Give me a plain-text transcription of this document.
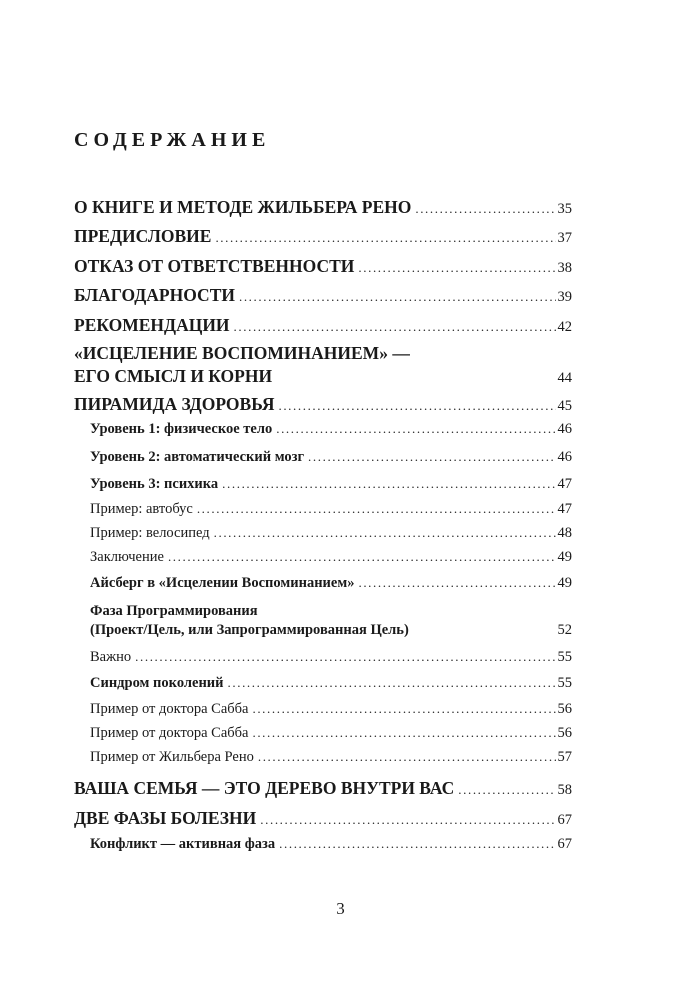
СОДЕРЖАНИЕ
О КНИГЕ И МЕТОДЕ ЖИЛЬБЕРА РЕНО .....	35
ПРЕДИСЛОВИЕ .....	37
ОТКАЗ ОТ ОТВЕТСТВЕННОСТИ .....	38
БЛАГОДАРНОСТИ .....	39
РЕКОМЕНДАЦИИ .....	42
«ИСЦЕЛЕНИЕ ВОСПОМИНАНИЕМ» —
ЕГО СМЫСЛ И КОРНИ	44
ПИРАМИДА ЗДОРОВЬЯ .....	45
Уровень 1: физическое тело .....	46
Уровень 2: автоматический мозг .....	46
Уровень 3: психика .....	47
Пример: автобус .....	47
Пример: велосипед .....	48
Заключение .....	49
Айсберг в «Исцелении Воспоминанием» .....	49
Фаза Программирования
(Проект/Цель, или Запрограммированная Цель)	52
Важно .....	55
Синдром поколений .....	55
Пример от доктора Сабба .....	56
Пример от доктора Сабба .....	56
Пример от Жильбера Рено .....	57
ВАША СЕМЬЯ — ЭТО ДЕРЕВО ВНУТРИ ВАС .....	58
ДВЕ ФАЗЫ БОЛЕЗНИ .....	67
Конфликт — активная фаза .....	67

3
